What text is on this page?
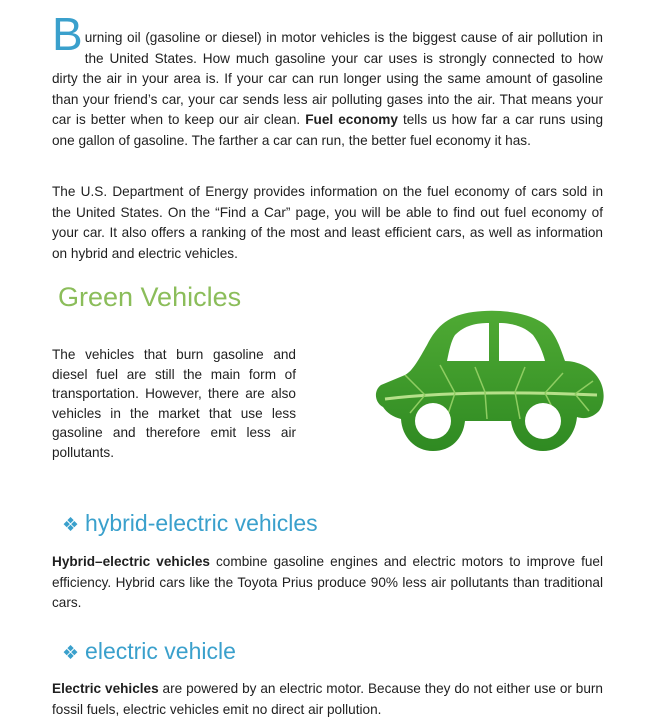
Burning oil (gasoline or diesel) in motor vehicles is the biggest cause of air pollution in the United States. How much gasoline your car uses is strongly connected to how dirty the air in your area is. If your car can run longer using the same amount of gasoline than your friend’s car, your car sends less air polluting gases into the air. That means your car is better when to keep our air clean. Fuel economy tells us how far a car runs using one gallon of gasoline. The farther a car can run, the better fuel economy it has.

The U.S. Department of Energy provides information on the fuel economy of cars sold in the United States. On the “Find a Car” page, you will be able to find out fuel economy of your car. It also offers a ranking of the most and least efficient cars, as well as information on hybrid and electric vehicles.

Green Vehicles

The vehicles that burn gasoline and diesel fuel are still the main form of transportation. However, there are also vehicles in the market that use less gasoline and therefore emit less air pollutants.

❖ hybrid-electric vehicles

Hybrid–electric vehicles combine gasoline engines and electric motors to improve fuel efficiency. Hybrid cars like the Toyota Prius produce 90% less air pollutants than traditional cars.

❖ electric vehicle

Electric vehicles are powered by an electric motor. Because they do not either use or burn fossil fuels, electric vehicles emit no direct air pollution.
